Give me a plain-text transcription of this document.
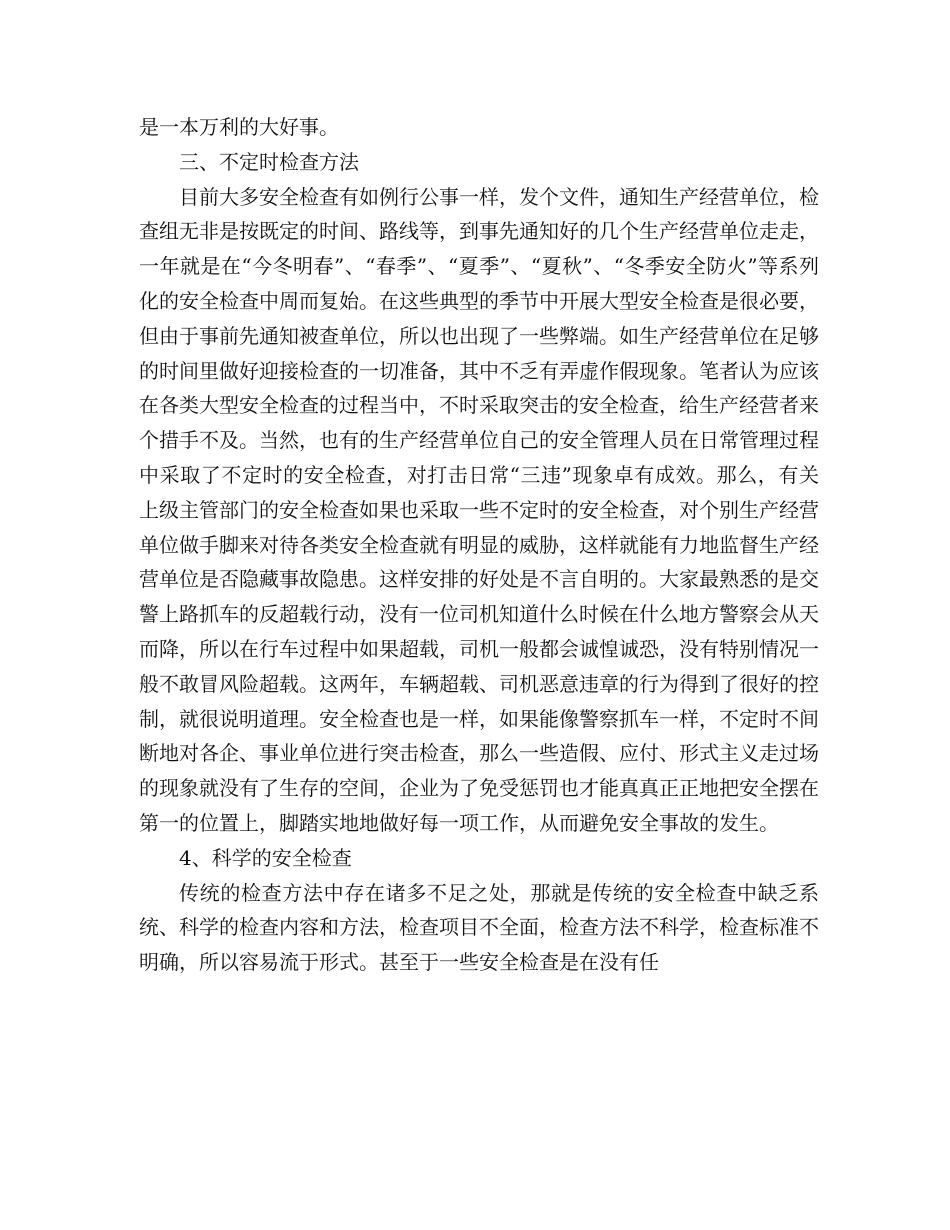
是一本万利的大好事。

三、不定时检查方法

目前大多安全检查有如例行公事一样，发个文件，通知生产经营单位，检查组无非是按既定的时间、路线等，到事先通知好的几个生产经营单位走走，一年就是在“今冬明春”、“春季”、“夏季”、“夏秋”、“冬季安全防火”等系列化的安全检查中周而复始。在这些典型的季节中开展大型安全检查是很必要，但由于事前先通知被查单位，所以也出现了一些弊端。如生产经营单位在足够的时间里做好迎接检查的一切准备，其中不乏有弄虚作假现象。笔者认为应该在各类大型安全检查的过程当中，不时采取突击的安全检查，给生产经营者来个措手不及。当然，也有的生产经营单位自己的安全管理人员在日常管理过程中采取了不定时的安全检查，对打击日常“三违”现象卓有成效。那么，有关上级主管部门的安全检查如果也采取一些不定时的安全检查，对个别生产经营单位做手脚来对待各类安全检查就有明显的威胁，这样就能有力地监督生产经营单位是否隐藏事故隐患。这样安排的好处是不言自明的。大家最熟悉的是交警上路抓车的反超载行动，没有一位司机知道什么时候在什么地方警察会从天而降，所以在行车过程中如果超载，司机一般都会诚惶诚恐，没有特别情况一般不敢冒风险超载。这两年，车辆超载、司机恶意违章的行为得到了很好的控制，就很说明道理。安全检查也是一样，如果能像警察抓车一样，不定时不间断地对各企、事业单位进行突击检查，那么一些造假、应付、形式主义走过场的现象就没有了生存的空间，企业为了免受惩罚也才能真真正正地把安全摆在第一的位置上，脚踏实地地做好每一项工作，从而避免安全事故的发生。

4、科学的安全检查

传统的检查方法中存在诸多不足之处，那就是传统的安全检查中缺乏系统、科学的检查内容和方法，检查项目不全面，检查方法不科学，检查标准不明确，所以容易流于形式。甚至于一些安全检查是在没有任
